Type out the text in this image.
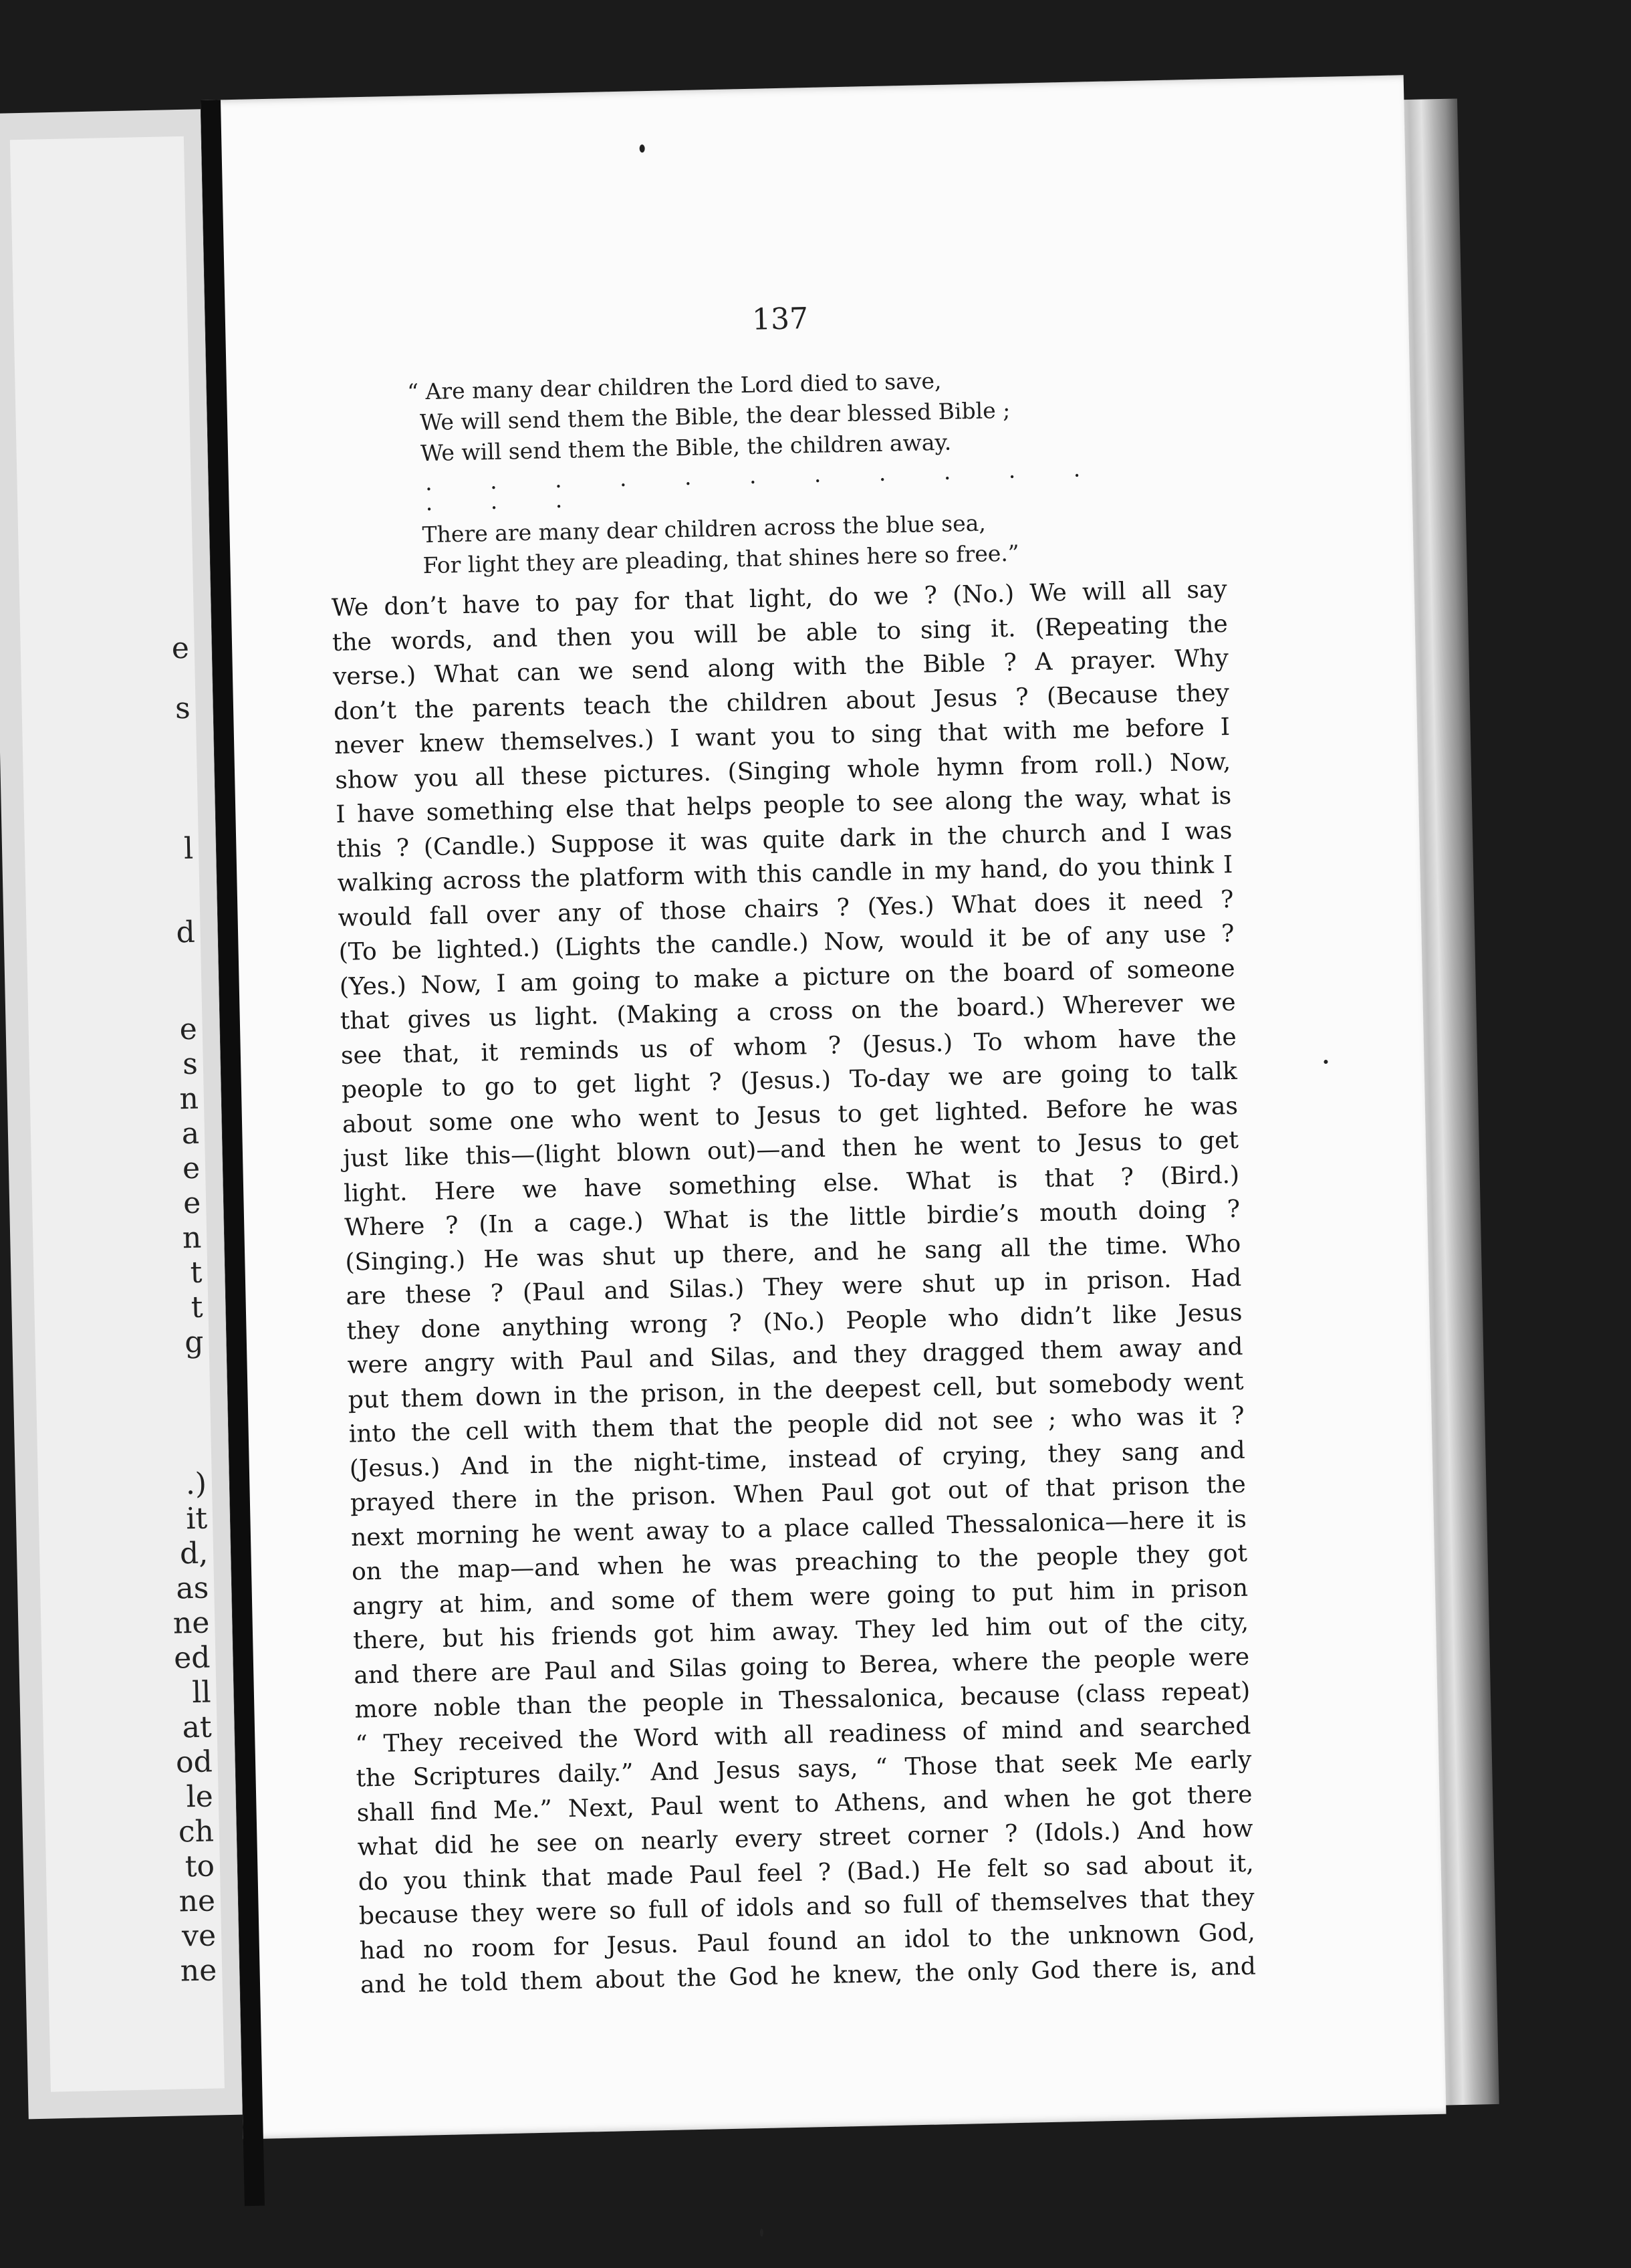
e
s
l
d
e
s
n
a
e
e
n
t
t
g
.)
it
d,
as
ne
ed
ll
at
od
le
ch
to
ne
ve
ne
137
“ Are many dear children the Lord died to save,
We will send them the Bible, the dear blessed Bible ;
We will send them the Bible, the children away.
. . . . . . . . . . . . . .
There are many dear children across the blue sea,
For light they are pleading, that shines here so free.”
We don’t have to pay for that light, do we ? (No.) We will all say
the words, and then you will be able to sing it. (Repeating the
verse.) What can we send along with the Bible ? A prayer. Why
don’t the parents teach the children about Jesus ? (Because they
never knew themselves.) I want you to sing that with me before I
show you all these pictures. (Singing whole hymn from roll.) Now,
I have something else that helps people to see along the way, what is
this ? (Candle.) Suppose it was quite dark in the church and I was
walking across the platform with this candle in my hand, do you think I
would fall over any of those chairs ? (Yes.) What does it need ?
(To be lighted.) (Lights the candle.) Now, would it be of any use ?
(Yes.) Now, I am going to make a picture on the board of someone
that gives us light. (Making a cross on the board.) Wherever we
see that, it reminds us of whom ? (Jesus.) To whom have the
people to go to get light ? (Jesus.) To-day we are going to talk
about some one who went to Jesus to get lighted. Before he was
just like this—(light blown out)—and then he went to Jesus to get
light. Here we have something else. What is that ? (Bird.)
Where ? (In a cage.) What is the little birdie’s mouth doing ?
(Singing.) He was shut up there, and he sang all the time. Who
are these ? (Paul and Silas.) They were shut up in prison. Had
they done anything wrong ? (No.) People who didn’t like Jesus
were angry with Paul and Silas, and they dragged them away and
put them down in the prison, in the deepest cell, but somebody went
into the cell with them that the people did not see ; who was it ?
(Jesus.) And in the night-time, instead of crying, they sang and
prayed there in the prison. When Paul got out of that prison the
next morning he went away to a place called Thessalonica—here it is
on the map—and when he was preaching to the people they got
angry at him, and some of them were going to put him in prison
there, but his friends got him away. They led him out of the city,
and there are Paul and Silas going to Berea, where the people were
more noble than the people in Thessalonica, because (class repeat)
“ They received the Word with all readiness of mind and searched
the Scriptures daily.” And Jesus says, “ Those that seek Me early
shall find Me.” Next, Paul went to Athens, and when he got there
what did he see on nearly every street corner ? (Idols.) And how
do you think that made Paul feel ? (Bad.) He felt so sad about it,
because they were so full of idols and so full of themselves that they
had no room for Jesus. Paul found an idol to the unknown God,
and he told them about the God he knew, the only God there is, and
